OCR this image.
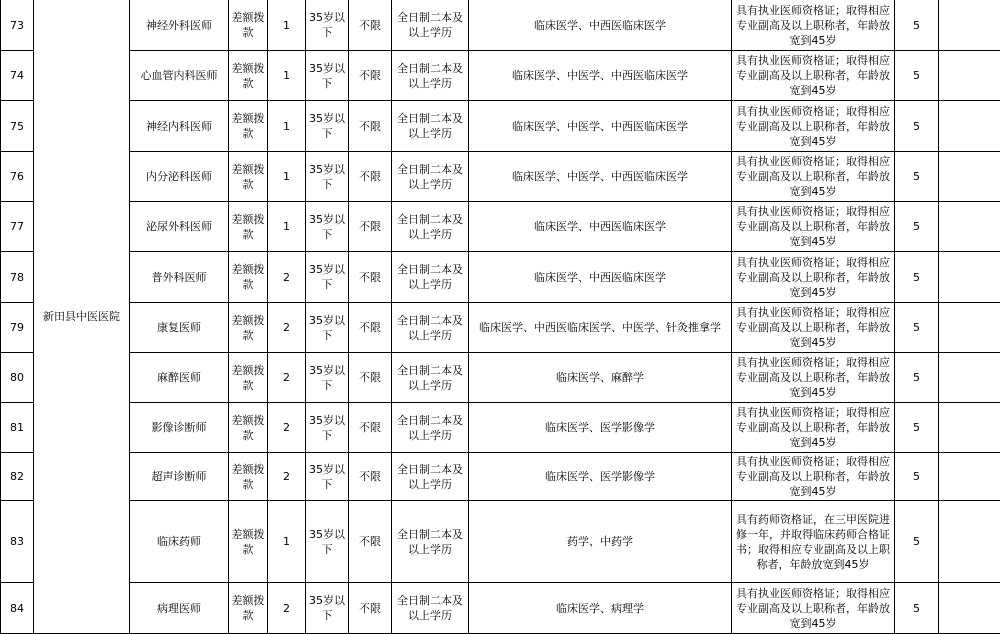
73	新田县中医医院	神经外科医师	差额拨款	1	35岁以下	不限	全日制二本及以上学历	临床医学、中西医临床医学	具有执业医师资格证；取得相应
专业副高及以上职称者，年龄放
宽到45岁	5	
74		心血管内科医师	差额拨款	1	35岁以下	不限	全日制二本及以上学历	临床医学、中医学、中西医临床医学	具有执业医师资格证；取得相应
专业副高及以上职称者，年龄放
宽到45岁	5	
75		神经内科医师	差额拨款	1	35岁以下	不限	全日制二本及以上学历	临床医学、中医学、中西医临床医学	具有执业医师资格证；取得相应
专业副高及以上职称者，年龄放
宽到45岁	5	
76		内分泌科医师	差额拨款	1	35岁以下	不限	全日制二本及以上学历	临床医学、中医学、中西医临床医学	具有执业医师资格证；取得相应
专业副高及以上职称者，年龄放
宽到45岁	5	
77		泌尿外科医师	差额拨款	1	35岁以下	不限	全日制二本及以上学历	临床医学、中西医临床医学	具有执业医师资格证；取得相应
专业副高及以上职称者，年龄放
宽到45岁	5	
78		普外科医师	差额拨款	2	35岁以下	不限	全日制二本及以上学历	临床医学、中西医临床医学	具有执业医师资格证；取得相应
专业副高及以上职称者，年龄放
宽到45岁	5	
79		康复医师	差额拨款	2	35岁以下	不限	全日制二本及以上学历	临床医学、中西医临床医学、中医学、针灸推拿学	具有执业医师资格证；取得相应
专业副高及以上职称者，年龄放
宽到45岁	5	
80		麻醉医师	差额拨款	2	35岁以下	不限	全日制二本及以上学历	临床医学、麻醉学	具有执业医师资格证；取得相应
专业副高及以上职称者，年龄放
宽到45岁	5	
81		影像诊断师	差额拨款	2	35岁以下	不限	全日制二本及以上学历	临床医学、医学影像学	具有执业医师资格证；取得相应
专业副高及以上职称者，年龄放
宽到45岁	5	
82		超声诊断师	差额拨款	2	35岁以下	不限	全日制二本及以上学历	临床医学、医学影像学	具有执业医师资格证；取得相应
专业副高及以上职称者，年龄放
宽到45岁	5	
83		临床药师	差额拨款	1	35岁以下	不限	全日制二本及以上学历	药学、中药学	具有药师资格证，在三甲医院进
修一年，并取得临床药师合格证
书；取得相应专业副高及以上职
称者，年龄放宽到45岁	5	
84		病理医师	差额拨款	2	35岁以下	不限	全日制二本及以上学历	临床医学、病理学	具有执业医师资格证；取得相应
专业副高及以上职称者，年龄放
宽到45岁	5	
